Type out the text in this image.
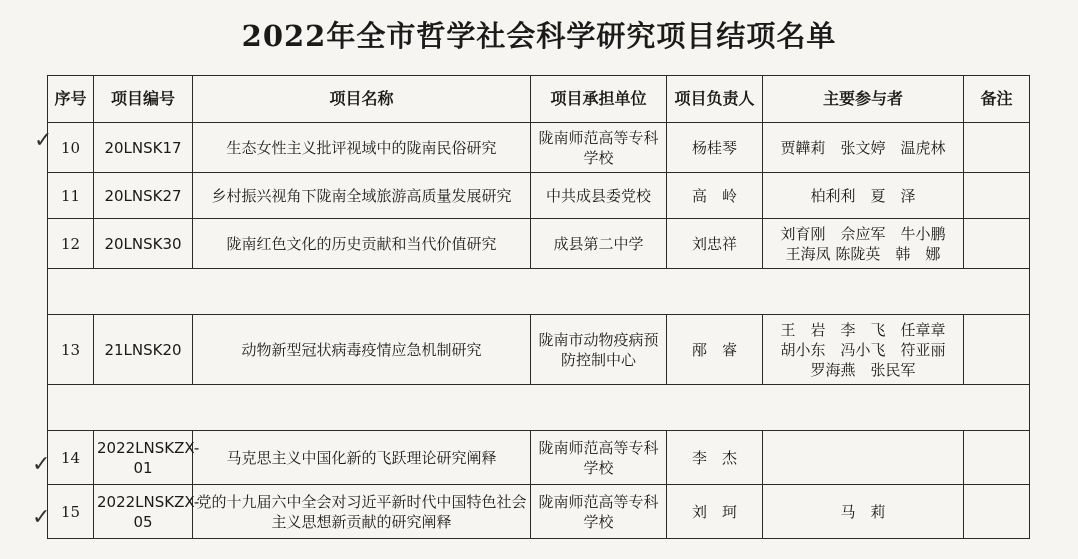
2022年全市哲学社会科学研究项目结项名单
✓
✓
✓
序号	项目编号	项目名称	项目承担单位	项目负责人	主要参与者	备注
10	20LNSK17	生态女性主义批评视域中的陇南民俗研究	陇南师范高等专科学校	杨桂琴	贾韡莉　张文婷　温虎林	

11	20LNSK27	乡村振兴视角下陇南全域旅游高质量发展研究	中共成县委党校	高　岭	柏利利　夏　泽	

12	20LNSK30	陇南红色文化的历史贡献和当代价值研究	成县第二中学	刘忠祥	刘育刚　佘应军　牛小鹏
王海凤 陈陇英　韩　娜	

13	21LNSK20	动物新型冠状病毒疫情应急机制研究	陇南市动物疫病预防控制中心	邴　睿	王　岩　李　飞　任章章
胡小东　冯小飞　符亚丽
罗海燕　张民军	

14	2022LNSKZX-01	马克思主义中国化新的飞跃理论研究阐释	陇南师范高等专科学校	李　杰	

15	2022LNSKZX-05	党的十九届六中全会对习近平新时代中国特色社会主义思想新贡献的研究阐释	陇南师范高等专科学校	刘　珂	马　莉	
